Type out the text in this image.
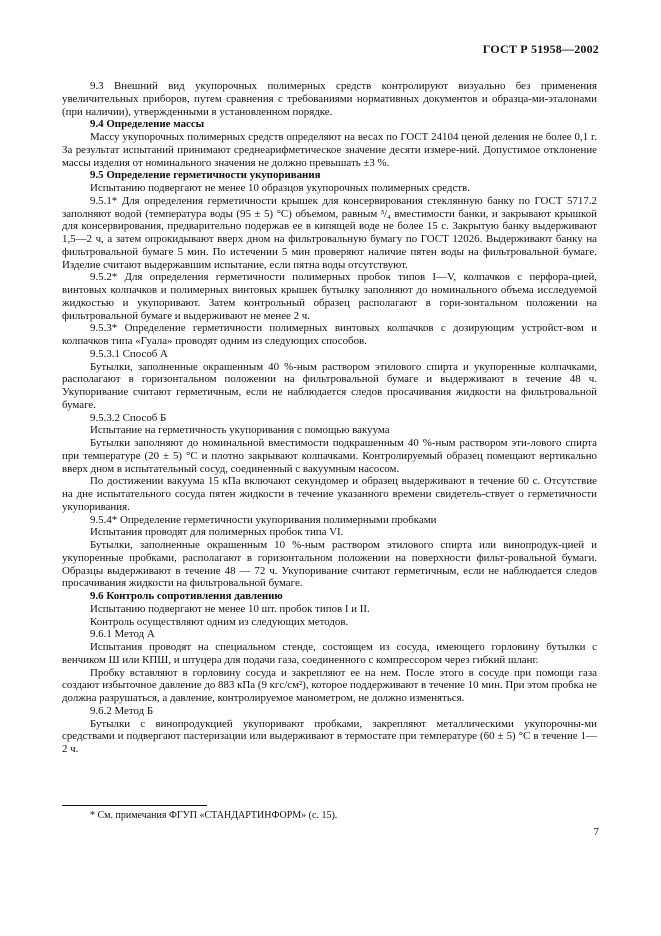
ГОСТ Р 51958—2002

9.3 Внешний вид укупорочных полимерных средств контролируют визуально без применения увеличительных приборов, путем сравнения с требованиями нормативных документов и образца-ми-эталонами (при наличии), утвержденными в установленном порядке.

9.4 Определение массы

Массу укупорочных полимерных средств определяют на весах по ГОСТ 24104 ценой деления не более 0,1 г. За результат испытаний принимают среднеарифметическое значение десяти измере-ний. Допустимое отклонение массы изделия от номинального значения не должно превышать ±3 %.

9.5 Определение герметичности укупоривания

Испытанию подвергают не менее 10 образцов укупорочных полимерных средств.

9.5.1* Для определения герметичности крышек для консервирования стеклянную банку по ГОСТ 5717.2 заполняют водой (температура воды (95 ± 5) °С) объемом, равным ³/₄ вместимости банки, и закрывают крышкой для консервирования, предварительно подержав ее в кипящей воде не более 15 с. Закрытую банку выдерживают 1,5—2 ч, а затем опрокидывают вверх дном на фильтровальную бумагу по ГОСТ 12026. Выдерживают банку на фильтровальной бумаге 5 мин. По истечении 5 мин проверяют наличие пятен воды на фильтровальной бумаге. Изделие считают выдержавшим испытание, если пятна воды отсутствуют.

9.5.2* Для определения герметичности полимерных пробок типов I—V, колпачков с перфора-цией, винтовых колпачков и полимерных винтовых крышек бутылку заполняют до номинального объема исследуемой жидкостью и укупоривают. Затем контрольный образец располагают в гори-зонтальном положении на фильтровальной бумаге и выдерживают не менее 2 ч.

9.5.3* Определение герметичности полимерных винтовых колпачков с дозирующим устройст-вом и колпачков типа «Гуала» проводят одним из следующих способов.

9.5.3.1 Способ А

Бутылки, заполненные окрашенным 40 %-ным раствором этилового спирта и укупоренные колпачками, располагают в горизонтальном положении на фильтровальной бумаге и выдерживают в течение 48 ч. Укупоривание считают герметичным, если не наблюдается следов просачивания жидкости на фильтровальной бумаге.

9.5.3.2 Способ Б

Испытание на герметичность укупоривания с помощью вакуума

Бутылки заполняют до номинальной вместимости подкрашенным 40 %-ным раствором эти-лового спирта при температуре (20 ± 5) °С и плотно закрывают колпачками. Контролируемый образец помещают вертикально вверх дном в испытательный сосуд, соединенный с вакуумным насосом.

По достижении вакуума 15 кПа включают секундомер и образец выдерживают в течение 60 с. Отсутствие на дне испытательного сосуда пятен жидкости в течение указанного времени свидетель-ствует о герметичности укупоривания.

9.5.4* Определение герметичности укупоривания полимерными пробками

Испытания проводят для полимерных пробок типа VI.

Бутылки, заполненные окрашенным 10 %-ным раствором этилового спирта или винопродук-цией и укупоренные пробками, располагают в горизонтальном положении на поверхности фильт-ровальной бумаги. Образцы выдерживают в течение 48 — 72 ч. Укупоривание считают герметичным, если не наблюдается следов просачивания жидкости на фильтровальной бумаге.

9.6 Контроль сопротивления давлению

Испытанию подвергают не менее 10 шт. пробок типов I и II.

Контроль осуществляют одним из следующих методов.

9.6.1 Метод А

Испытания проводят на специальном стенде, состоящем из сосуда, имеющего горловину бутылки с венчиком Ш или КПШ, и штуцера для подачи газа, соединенного с компрессором через гибкий шланг.

Пробку вставляют в горловину сосуда и закрепляют ее на нем. После этого в сосуде при помощи газа создают избыточное давление до 883 кПа (9 кгс/см²), которое поддерживают в течение 10 мин. При этом пробка не должна разрушаться, а давление, контролируемое манометром, не должно изменяться.

9.6.2 Метод Б

Бутылки с винопродукцией укупоривают пробками, закрепляют металлическими укупорочны-ми средствами и подвергают пастеризации или выдерживают в термостате при температуре (60 ± 5) °С в течение 1—2 ч.

* См. примечания ФГУП «СТАНДАРТИНФОРМ» (с. 15).
7
